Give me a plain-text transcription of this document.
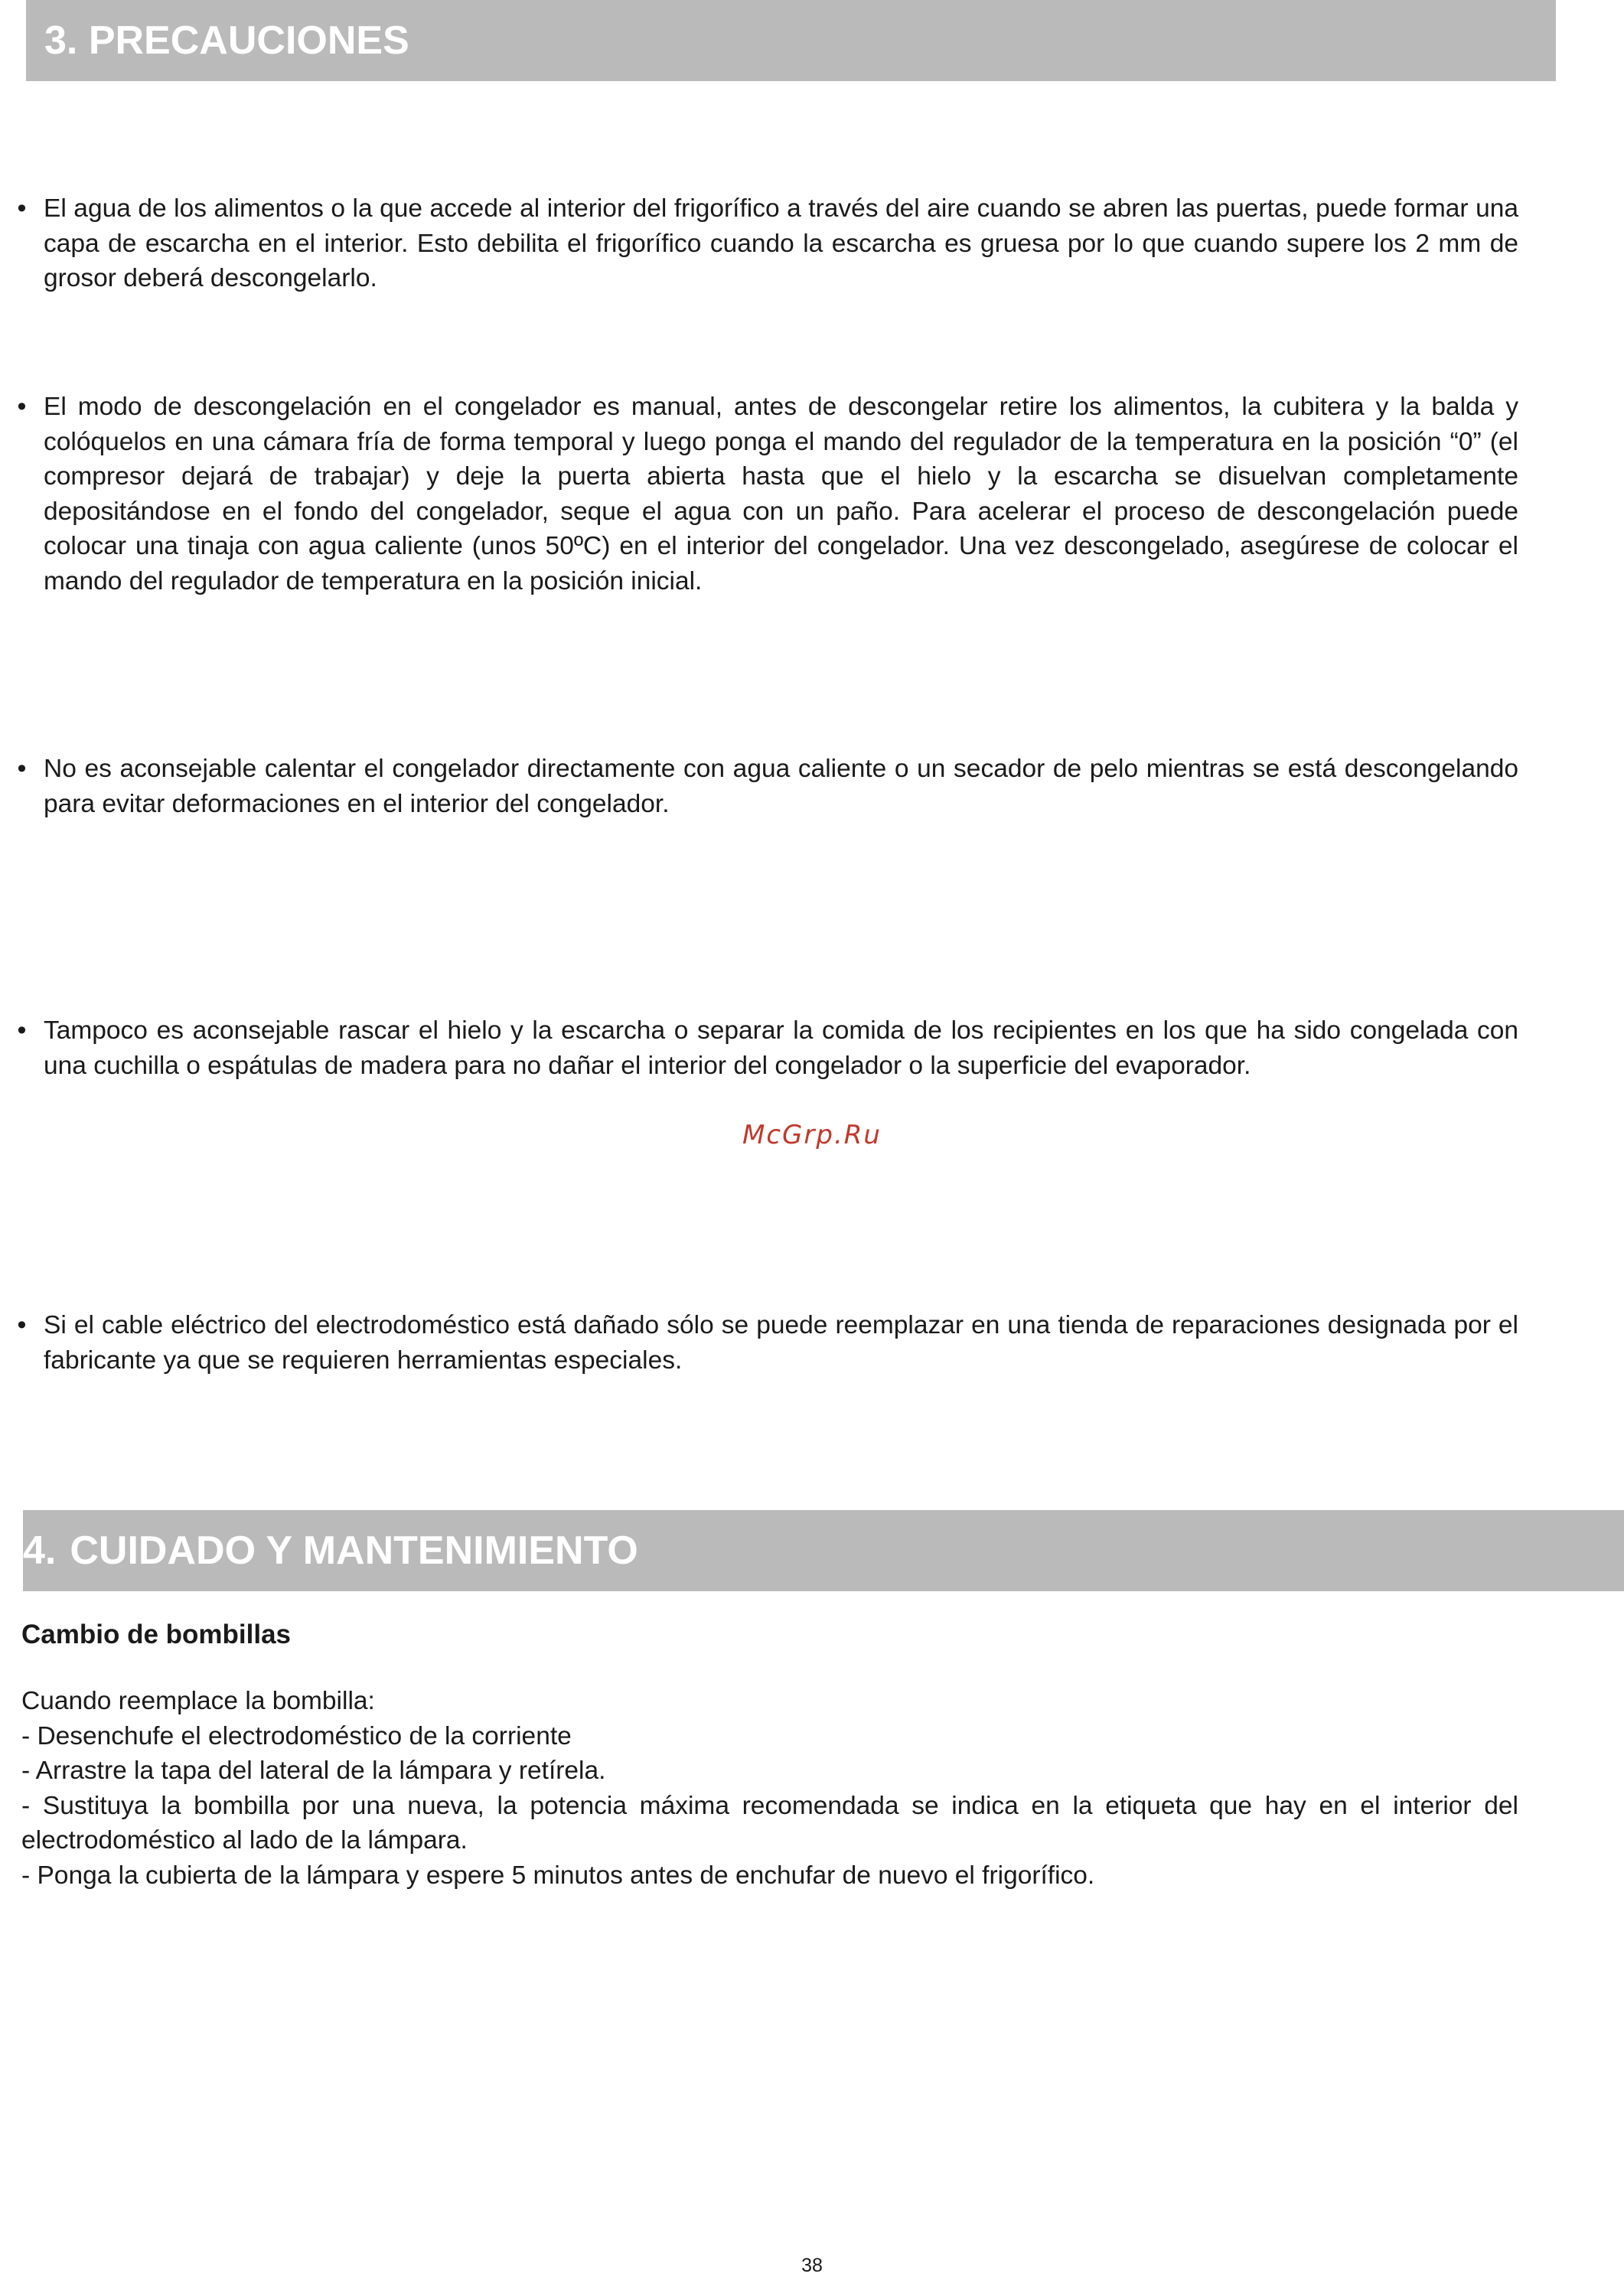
3. PRECAUCIONES
• El agua de los alimentos o la que accede al interior del frigorífico a través del aire cuando se abren las puertas, puede formar una capa de escarcha en el interior. Esto debilita el frigorífico cuando la escarcha es gruesa por lo que cuando supere los 2 mm de grosor deberá descongelarlo.
• El modo de descongelación en el congelador es manual, antes de descongelar retire los alimentos, la cubitera y la balda y colóquelos en una cámara fría de forma temporal y luego ponga el mando del regulador de la temperatura en la posición “0” (el compresor dejará de trabajar) y deje la puerta abierta hasta que el hielo y la escarcha se disuelvan completamente depositándose en el fondo del congelador, seque el agua con un paño. Para acelerar el proceso de descongelación puede colocar una tinaja con agua caliente (unos 50ºC) en el interior del congelador. Una vez descongelado, asegúrese de colocar el mando del regulador de temperatura en la posición inicial.
• No es aconsejable calentar el congelador directamente con agua caliente o un secador de pelo mientras se está descongelando para evitar deformaciones en el interior del congelador.
• Tampoco es aconsejable rascar el hielo y la escarcha o separar la comida de los recipientes en los que ha sido congelada con una cuchilla o espátulas de madera para no dañar el interior del congelador o la superficie del evaporador.
McGrp.Ru
• Si el cable eléctrico del electrodoméstico está dañado sólo se puede reemplazar en una tienda de reparaciones designada por el fabricante ya que se requieren herramientas especiales.
4. CUIDADO Y MANTENIMIENTO
Cambio de bombillas

Cuando reemplace la bombilla:

- Desenchufe el electrodoméstico de la corriente

- Arrastre la tapa del lateral de la lámpara y retírela.

- Sustituya la bombilla por una nueva, la potencia máxima recomendada se indica en la etiqueta que hay en el interior del electrodoméstico al lado de la lámpara.

- Ponga la cubierta de la lámpara y espere 5 minutos antes de enchufar de nuevo el frigorífico.

38
